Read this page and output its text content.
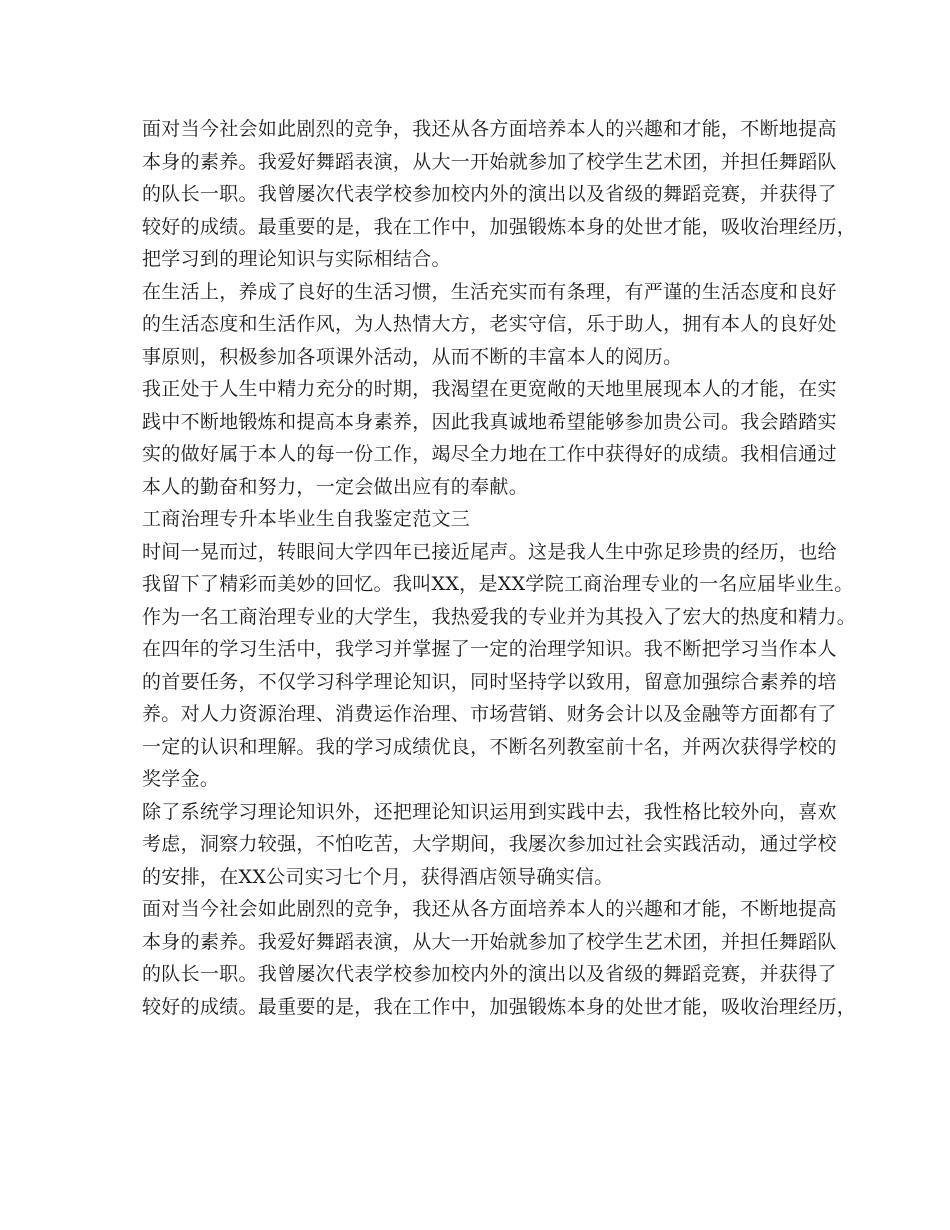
面对当今社会如此剧烈的竞争，我还从各方面培养本人的兴趣和才能，不断地提高
本身的素养。我爱好舞蹈表演，从大一开始就参加了校学生艺术团，并担任舞蹈队
的队长一职。我曾屡次代表学校参加校内外的演出以及省级的舞蹈竞赛，并获得了
较好的成绩。最重要的是，我在工作中，加强锻炼本身的处世才能，吸收治理经历，
把学习到的理论知识与实际相结合。
在生活上，养成了良好的生活习惯，生活充实而有条理，有严谨的生活态度和良好
的生活态度和生活作风，为人热情大方，老实守信，乐于助人，拥有本人的良好处
事原则，积极参加各项课外活动，从而不断的丰富本人的阅历。
我正处于人生中精力充分的时期，我渴望在更宽敞的天地里展现本人的才能，在实
践中不断地锻炼和提高本身素养，因此我真诚地希望能够参加贵公司。我会踏踏实
实的做好属于本人的每一份工作，竭尽全力地在工作中获得好的成绩。我相信通过
本人的勤奋和努力，一定会做出应有的奉献。
工商治理专升本毕业生自我鉴定范文三
时间一晃而过，转眼间大学四年已接近尾声。这是我人生中弥足珍贵的经历，也给
我留下了精彩而美妙的回忆。我叫XX，是XX学院工商治理专业的一名应届毕业生。
作为一名工商治理专业的大学生，我热爱我的专业并为其投入了宏大的热度和精力。
在四年的学习生活中，我学习并掌握了一定的治理学知识。我不断把学习当作本人
的首要任务，不仅学习科学理论知识，同时坚持学以致用，留意加强综合素养的培
养。对人力资源治理、消费运作治理、市场营销、财务会计以及金融等方面都有了
一定的认识和理解。我的学习成绩优良，不断名列教室前十名，并两次获得学校的
奖学金。
除了系统学习理论知识外，还把理论知识运用到实践中去，我性格比较外向，喜欢
考虑，洞察力较强，不怕吃苦，大学期间，我屡次参加过社会实践活动，通过学校
的安排，在XX公司实习七个月，获得酒店领导确实信。
面对当今社会如此剧烈的竞争，我还从各方面培养本人的兴趣和才能，不断地提高
本身的素养。我爱好舞蹈表演，从大一开始就参加了校学生艺术团，并担任舞蹈队
的队长一职。我曾屡次代表学校参加校内外的演出以及省级的舞蹈竞赛，并获得了
较好的成绩。最重要的是，我在工作中，加强锻炼本身的处世才能，吸收治理经历，
